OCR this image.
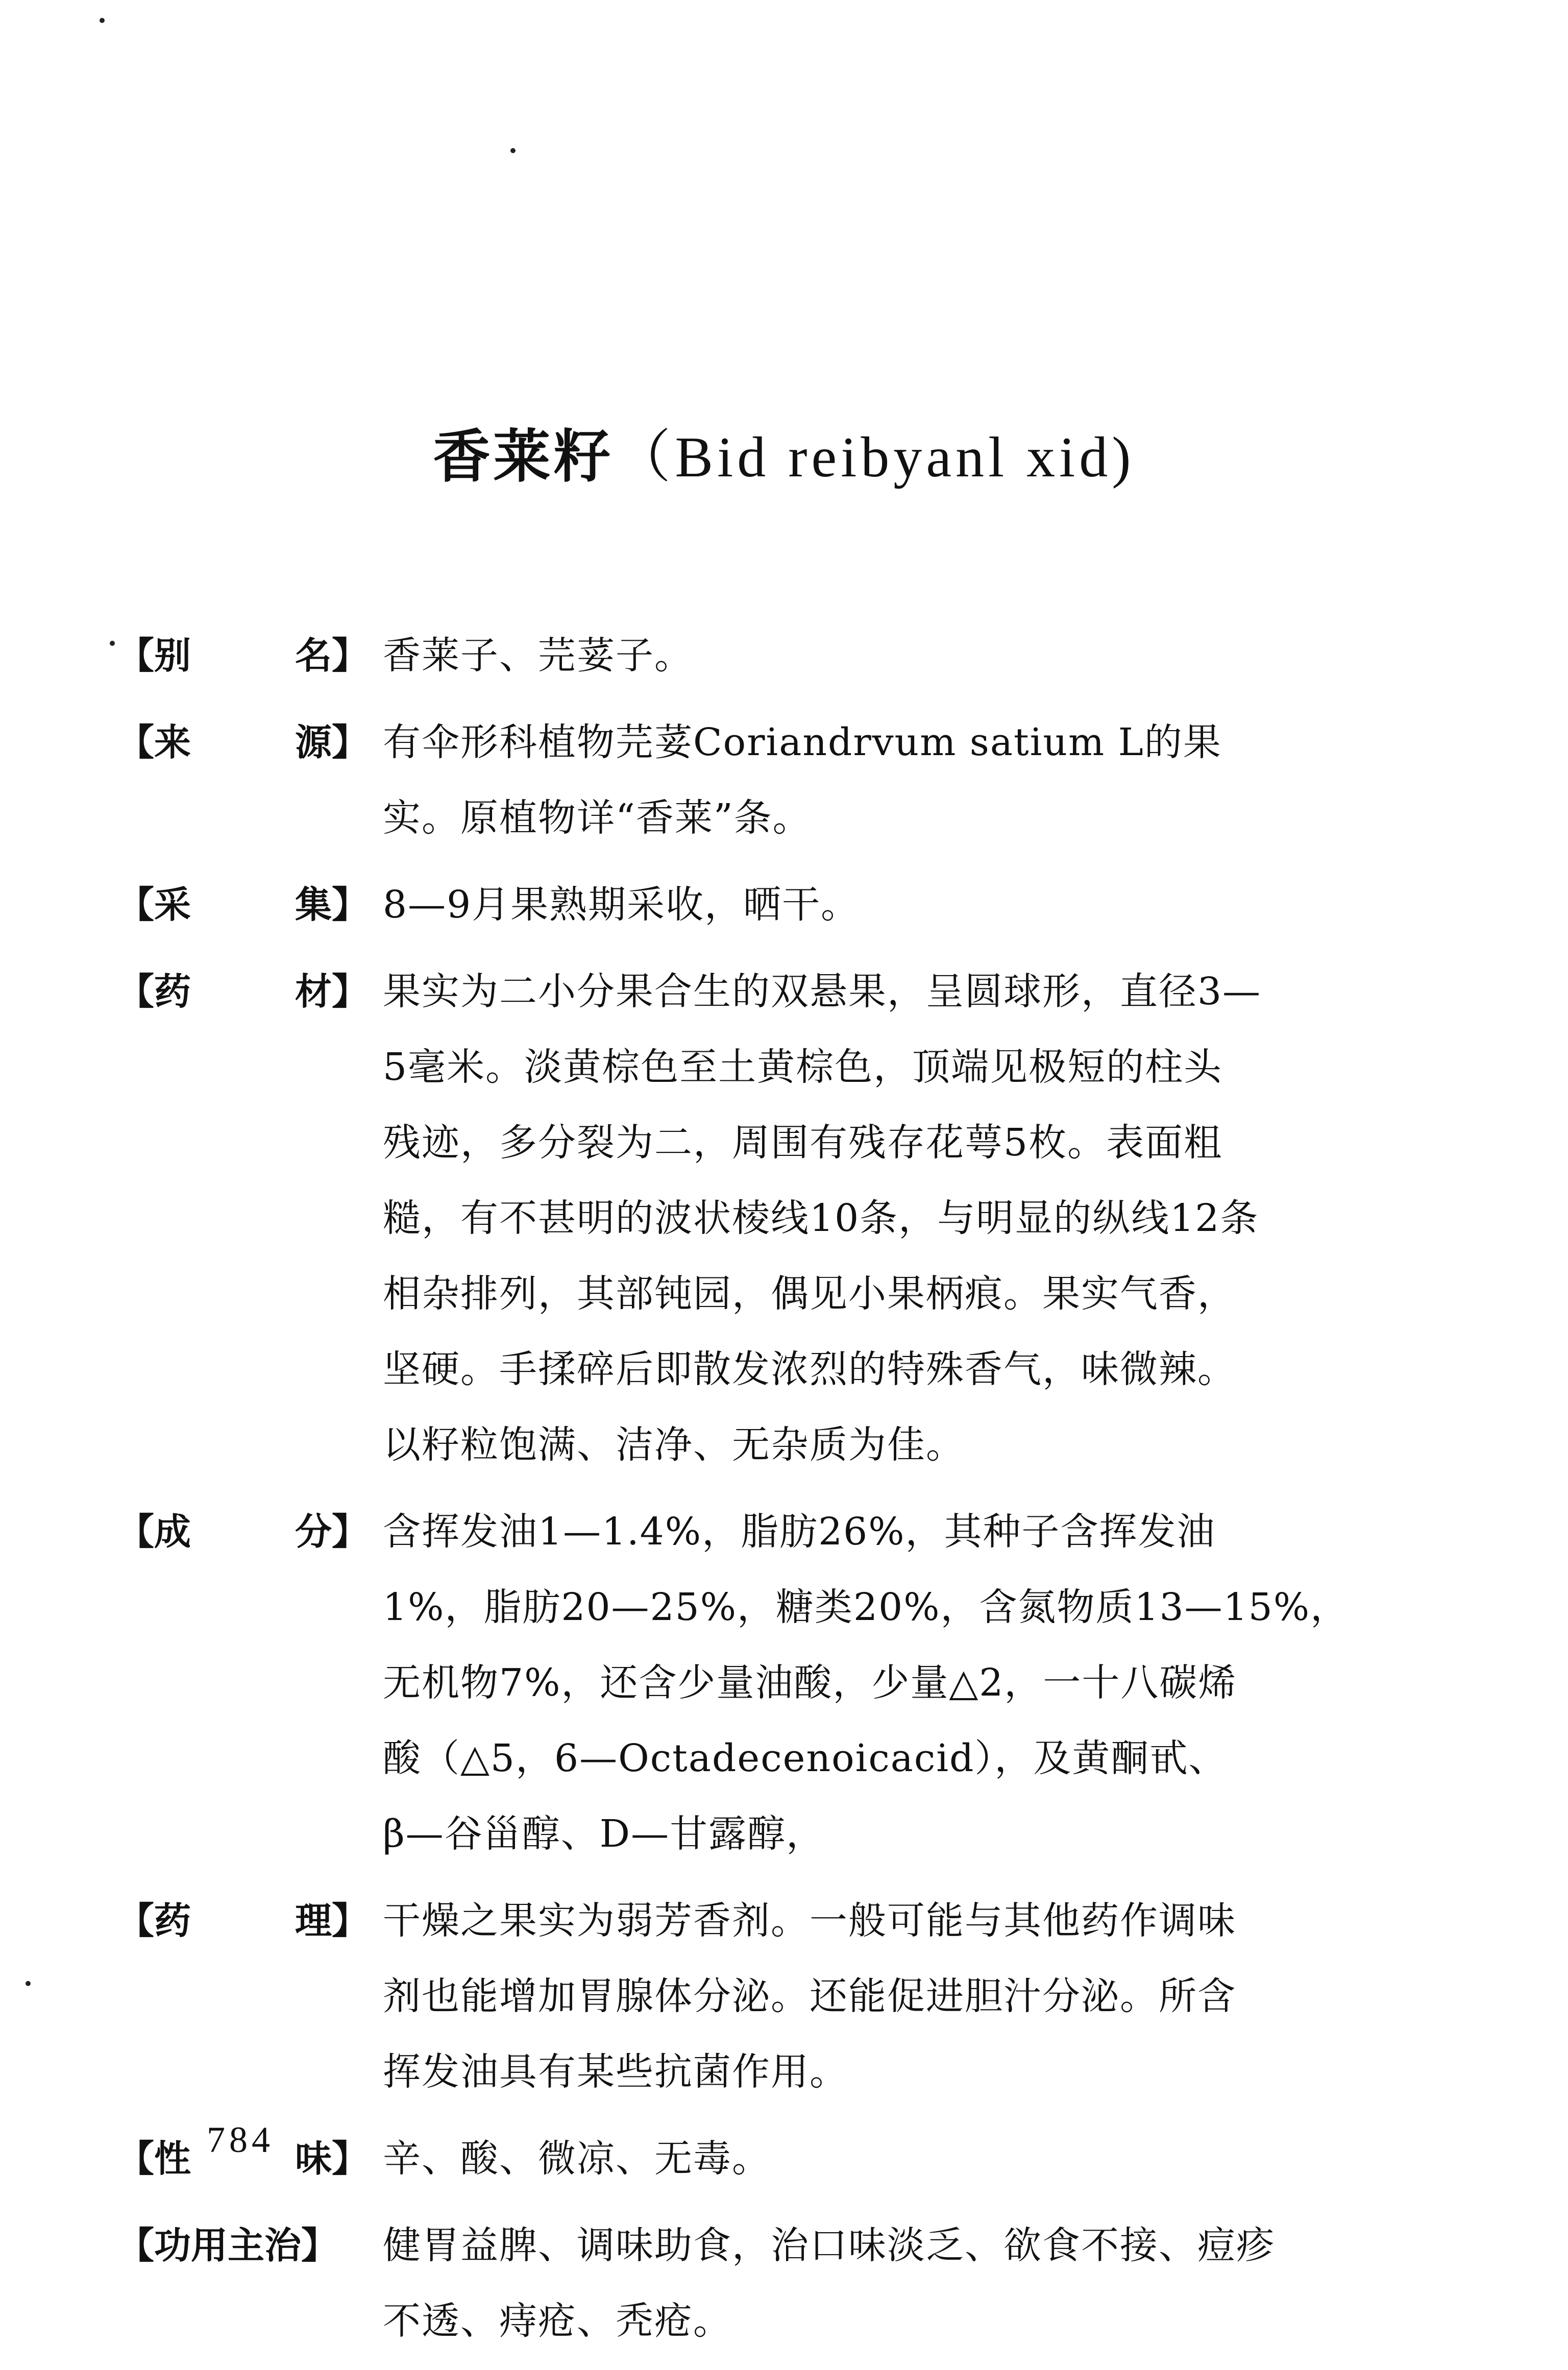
香莱籽（Bid reibyanl xid)
【别	名】 香莱子、芫荽子。
【来	源】 有伞形科植物芫荽Coriandrvum satium L的果
实。原植物详“香莱”条。
【采	集】 8—9月果熟期采收，晒干。
【药	材】 果实为二小分果合生的双悬果，呈圆球形，直径3—
5毫米。淡黄棕色至土黄棕色，顶端见极短的柱头
残迹，多分裂为二，周围有残存花萼5枚。表面粗
糙，有不甚明的波状棱线10条，与明显的纵线12条
相杂排列，其部钝园，偶见小果柄痕。果实气香，
坚硬。手揉碎后即散发浓烈的特殊香气，味微辣。
以籽粒饱满、洁净、无杂质为佳。
【成	分】 含挥发油1—1.4%，脂肪26%，其种子含挥发油
1%，脂肪20—25%，糖类20%，含氮物质13—15%，
无机物7%，还含少量油酸，少量△2，一十八碳烯
酸（△5，6—Octadecenoicacid），及黄酮甙、
β—谷甾醇、D—甘露醇，
【药	理】 干燥之果实为弱芳香剂。一般可能与其他药作调味
剂也能增加胃腺体分泌。还能促进胆汁分泌。所含
挥发油具有某些抗菌作用。
【性	味】 辛、酸、微凉、无毒。
【功用主治】 健胃益脾、调味助食，治口味淡乏、欲食不接、痘疹
不透、痔疮、秃疮。
784
